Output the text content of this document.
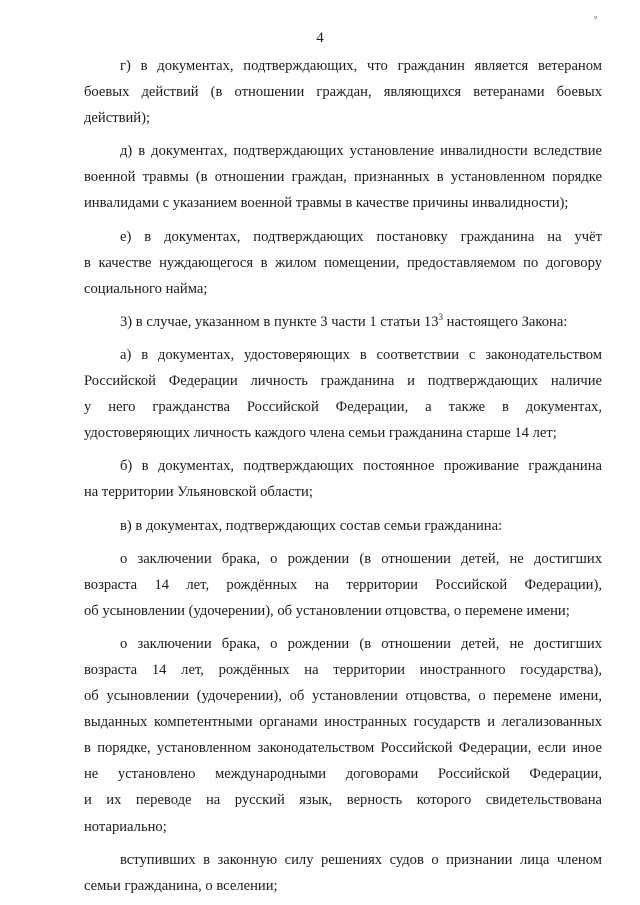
ᵩ
4
г) в документах, подтверждающих, что гражданин является ветераном
боевых действий (в отношении граждан, являющихся ветеранами боевых
действий);
д) в документах, подтверждающих установление инвалидности вследствие
военной травмы (в отношении граждан, признанных в установленном порядке
инвалидами с указанием военной травмы в качестве причины инвалидности);
е) в документах, подтверждающих постановку гражданина на учёт
в качестве нуждающегося в жилом помещении, предоставляемом по договору
социального найма;
3) в случае, указанном в пункте 3 части 1 статьи $13^3$ настоящего Закона:
а) в документах, удостоверяющих в соответствии с законодательством
Российской Федерации личность гражданина и подтверждающих наличие
у него гражданства Российской Федерации, а также в документах,
удостоверяющих личность каждого члена семьи гражданина старше 14 лет;
б) в документах, подтверждающих постоянное проживание гражданина
на территории Ульяновской области;
в) в документах, подтверждающих состав семьи гражданина:
о заключении брака, о рождении (в отношении детей, не достигших
возраста 14 лет, рождённых на территории Российской Федерации),
об усыновлении (удочерении), об установлении отцовства, о перемене имени;
о заключении брака, о рождении (в отношении детей, не достигших
возраста 14 лет, рождённых на территории иностранного государства),
об усыновлении (удочерении), об установлении отцовства, о перемене имени,
выданных компетентными органами иностранных государств и легализованных
в порядке, установленном законодательством Российской Федерации, если иное
не установлено международными договорами Российской Федерации,
и их переводе на русский язык, верность которого свидетельствована
нотариально;
вступивших в законную силу решениях судов о признании лица членом
семьи гражданина, о вселении;
